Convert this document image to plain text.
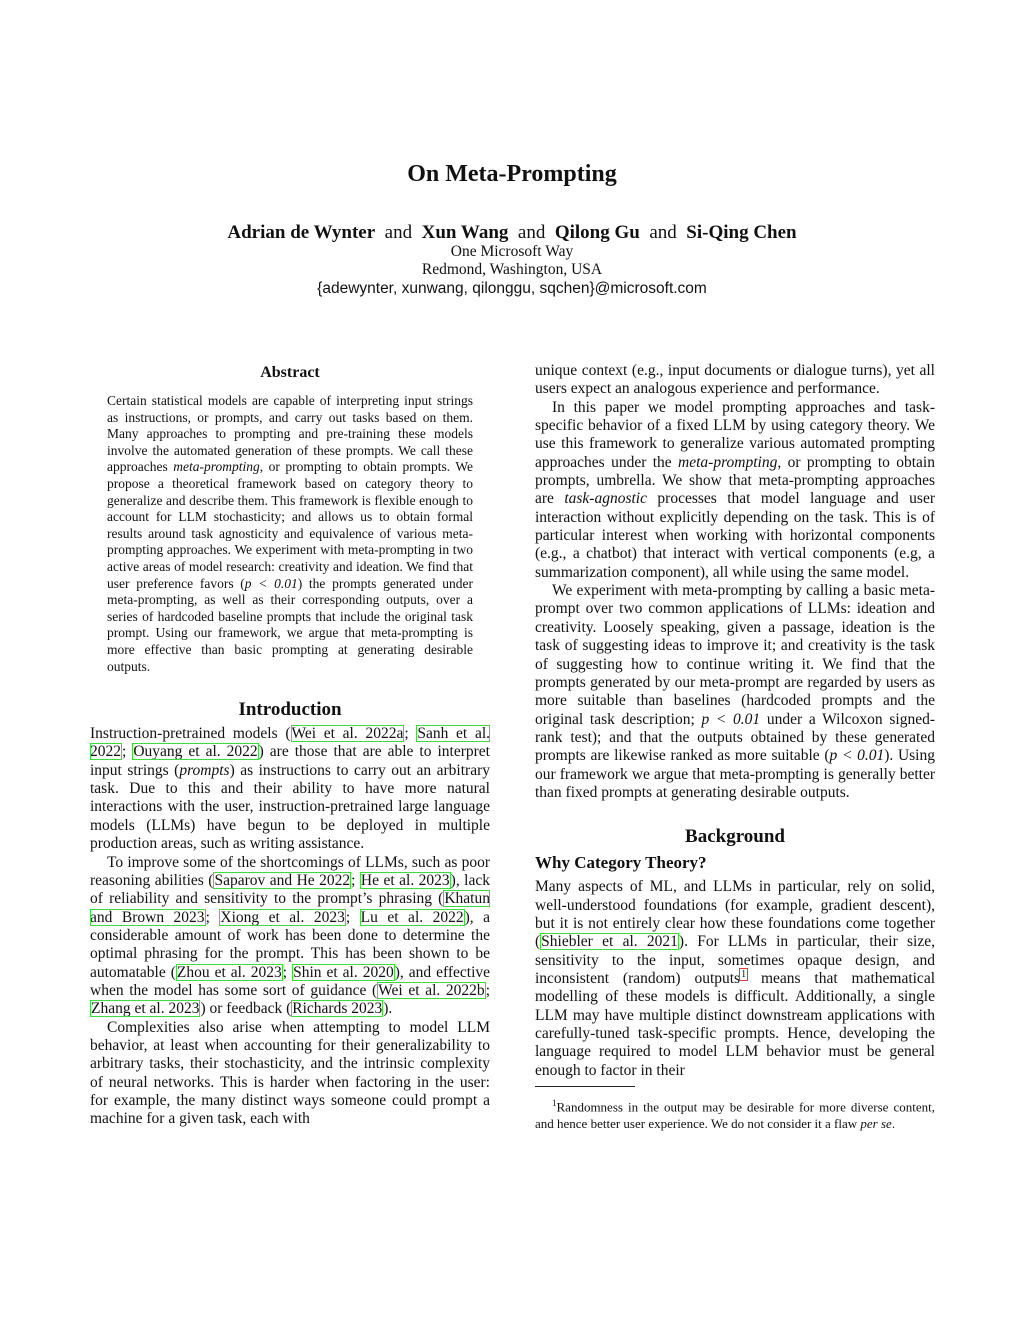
On Meta-Prompting
Adrian de Wynter and Xun Wang and Qilong Gu and Si-Qing Chen
One Microsoft Way
Redmond, Washington, USA
{adewynter, xunwang, qilonggu, sqchen}@microsoft.com
Abstract

Certain statistical models are capable of interpreting input strings as instructions, or prompts, and carry out tasks based on them. Many approaches to prompting and pre-training these models involve the automated generation of these prompts. We call these approaches meta-prompting, or prompting to obtain prompts. We propose a theoretical framework based on category theory to generalize and describe them. This framework is flexible enough to account for LLM stochasticity; and allows us to obtain formal results around task agnosticity and equivalence of various meta-prompting approaches. We experiment with meta-prompting in two active areas of model research: creativity and ideation. We find that user preference favors (p < 0.01) the prompts generated under meta-prompting, as well as their corresponding outputs, over a series of hardcoded baseline prompts that include the original task prompt. Using our framework, we argue that meta-prompting is more effective than basic prompting at generating desirable outputs.

Introduction

Instruction-pretrained models (Wei et al. 2022a; Sanh et al. 2022; Ouyang et al. 2022) are those that are able to interpret input strings (prompts) as instructions to carry out an arbitrary task. Due to this and their ability to have more natural interactions with the user, instruction-pretrained large language models (LLMs) have begun to be deployed in multiple production areas, such as writing assistance.

To improve some of the shortcomings of LLMs, such as poor reasoning abilities (Saparov and He 2022; He et al. 2023), lack of reliability and sensitivity to the prompt’s phrasing (Khatun and Brown 2023; Xiong et al. 2023; Lu et al. 2022), a considerable amount of work has been done to determine the optimal phrasing for the prompt. This has been shown to be automatable (Zhou et al. 2023; Shin et al. 2020), and effective when the model has some sort of guidance (Wei et al. 2022b; Zhang et al. 2023) or feedback (Richards 2023).

Complexities also arise when attempting to model LLM behavior, at least when accounting for their generalizability to arbitrary tasks, their stochasticity, and the intrinsic complexity of neural networks. This is harder when factoring in the user: for example, the many distinct ways someone could prompt a machine for a given task, each with

unique context (e.g., input documents or dialogue turns), yet all users expect an analogous experience and performance.

In this paper we model prompting approaches and task-specific behavior of a fixed LLM by using category theory. We use this framework to generalize various automated prompting approaches under the meta-prompting, or prompting to obtain prompts, umbrella. We show that meta-prompting approaches are task-agnostic processes that model language and user interaction without explicitly depending on the task. This is of particular interest when working with horizontal components (e.g., a chatbot) that interact with vertical components (e.g, a summarization component), all while using the same model.

We experiment with meta-prompting by calling a basic meta-prompt over two common applications of LLMs: ideation and creativity. Loosely speaking, given a passage, ideation is the task of suggesting ideas to improve it; and creativity is the task of suggesting how to continue writing it. We find that the prompts generated by our meta-prompt are regarded by users as more suitable than baselines (hardcoded prompts and the original task description; p < 0.01 under a Wilcoxon signed-rank test); and that the outputs obtained by these generated prompts are likewise ranked as more suitable (p < 0.01). Using our framework we argue that meta-prompting is generally better than fixed prompts at generating desirable outputs.

Background
Why Category Theory?

Many aspects of ML, and LLMs in particular, rely on solid, well-understood foundations (for example, gradient descent), but it is not entirely clear how these foundations come together (Shiebler et al. 2021). For LLMs in particular, their size, sensitivity to the input, sometimes opaque design, and inconsistent (random) outputs$^1$ means that mathematical modelling of these models is difficult. Additionally, a single LLM may have multiple distinct downstream applications with carefully-tuned task-specific prompts. Hence, developing the language required to model LLM behavior must be general enough to factor in their

$^1$Randomness in the output may be desirable for more diverse content, and hence better user experience. We do not consider it a flaw per se.
